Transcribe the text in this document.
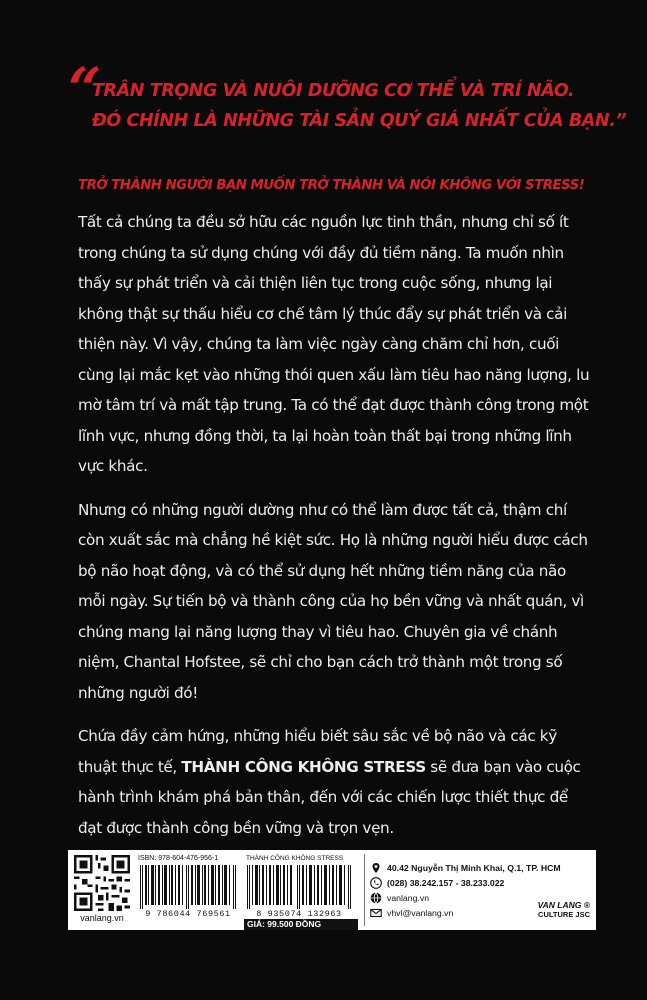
“
TRÂN TRỌNG VÀ NUÔI DƯỠNG CƠ THỂ VÀ TRÍ NÃO.
ĐÓ CHÍNH LÀ NHỮNG TÀI SẢN QUÝ GIÁ NHẤT CỦA BẠN.”
TRỞ THÀNH NGƯỜI BẠN MUỐN TRỞ THÀNH VÀ NÓI KHÔNG VỚI STRESS!

Tất cả chúng ta đều sở hữu các nguồn lực tinh thần, nhưng chỉ số ít trong chúng ta sử dụng chúng với đầy đủ tiềm năng. Ta muốn nhìn thấy sự phát triển và cải thiện liên tục trong cuộc sống, nhưng lại không thật sự thấu hiểu cơ chế tâm lý thúc đẩy sự phát triển và cải thiện này. Vì vậy, chúng ta làm việc ngày càng chăm chỉ hơn, cuối cùng lại mắc kẹt vào những thói quen xấu làm tiêu hao năng lượng, lu mờ tâm trí và mất tập trung. Ta có thể đạt được thành công trong một lĩnh vực, nhưng đồng thời, ta lại hoàn toàn thất bại trong những lĩnh vực khác.

Nhưng có những người dường như có thể làm được tất cả, thậm chí còn xuất sắc mà chẳng hề kiệt sức. Họ là những người hiểu được cách bộ não hoạt động, và có thể sử dụng hết những tiềm năng của não mỗi ngày. Sự tiến bộ và thành công của họ bền vững và nhất quán, vì chúng mang lại năng lượng thay vì tiêu hao. Chuyên gia về chánh niệm, Chantal Hofstee, sẽ chỉ cho bạn cách trở thành một trong số những người đó!

Chứa đầy cảm hứng, những hiểu biết sâu sắc về bộ não và các kỹ thuật thực tế, THÀNH CÔNG KHÔNG STRESS sẽ đưa bạn vào cuộc hành trình khám phá bản thân, đến với các chiến lược thiết thực để đạt được thành công bền vững và trọn vẹn.

vanlang.vn
ISBN: 978-604-476-956-1	THÀNH CÔNG KHÔNG STRESS
9 786044 769561	8 935074 132963
GIÁ: 99.500 ĐỒNG
40.42 Nguyễn Thị Minh Khai, Q.1, TP. HCM
(028) 38.242.157 - 38.233.022
vanlang.vn
vhvl@vanlang.vn
VAN LANG ®
CULTURE JSC
